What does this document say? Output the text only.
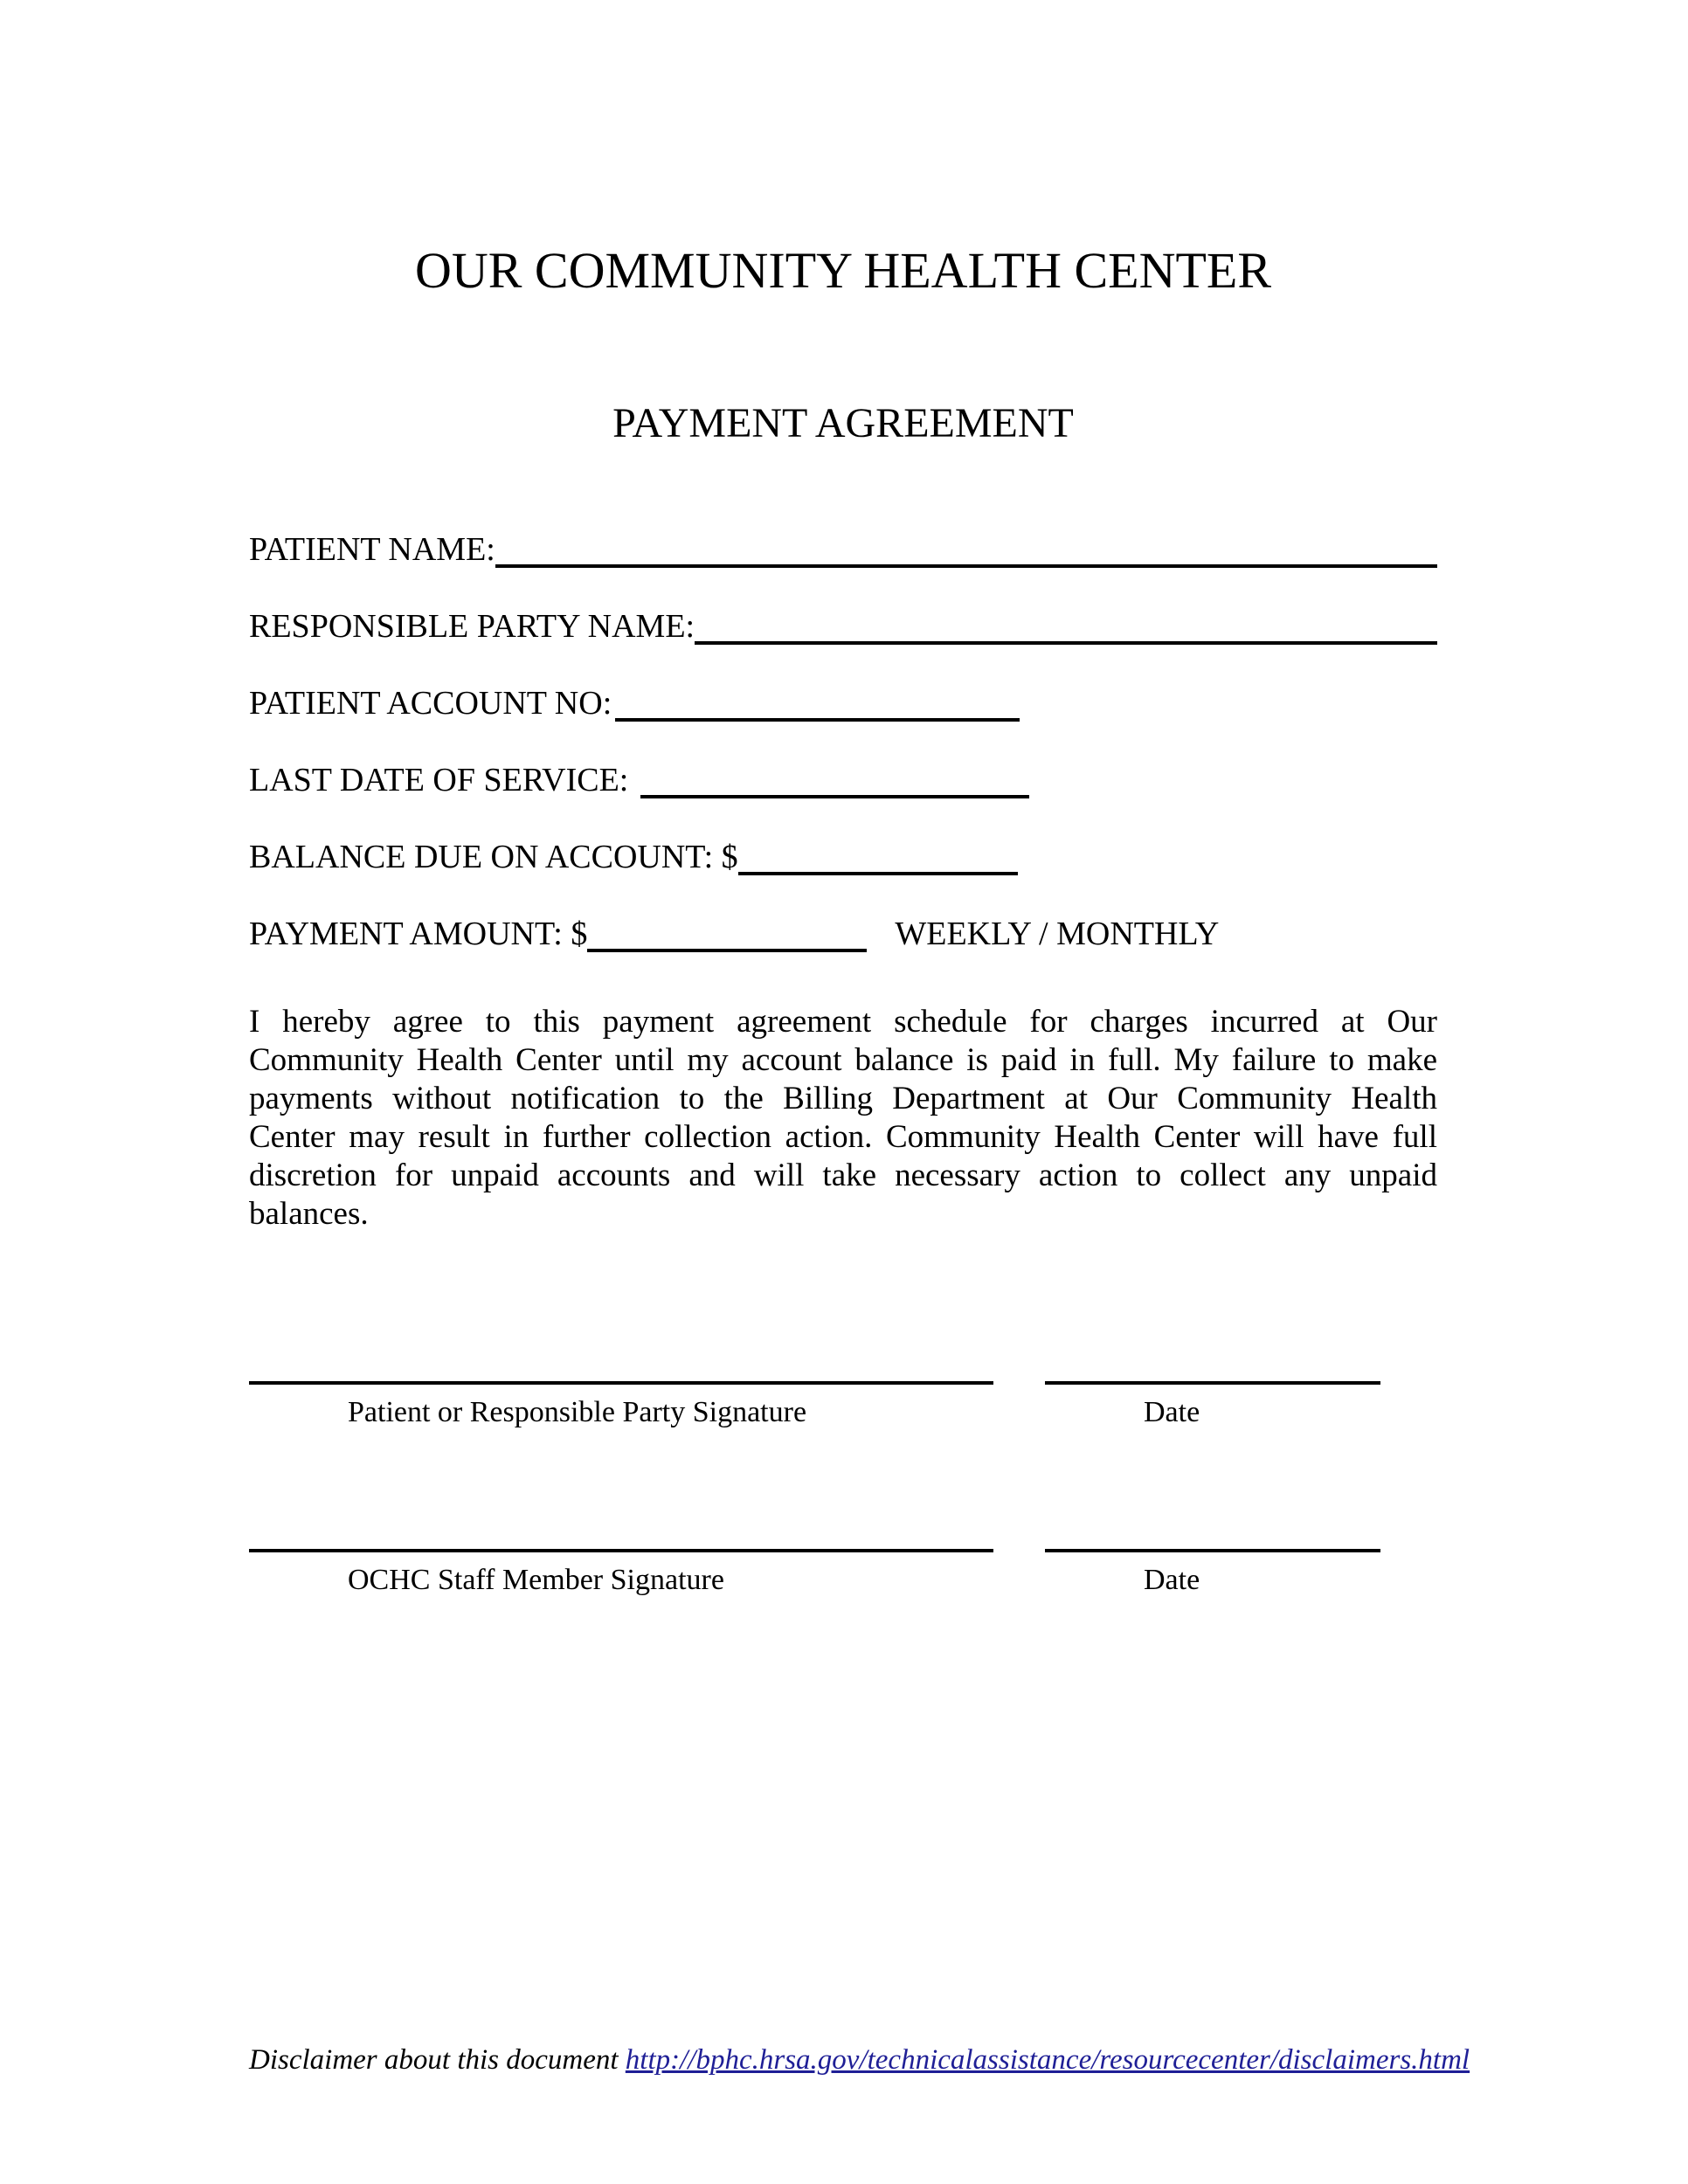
OUR COMMUNITY HEALTH CENTER
PAYMENT AGREEMENT
PATIENT NAME:
RESPONSIBLE PARTY NAME:
PATIENT ACCOUNT NO:
LAST DATE OF SERVICE:
BALANCE DUE ON ACCOUNT: $
PAYMENT AMOUNT: $	WEEKLY / MONTHLY
I hereby agree to this payment agreement schedule for charges incurred at Our
Community Health Center until my account balance is paid in full. My failure to make
payments without notification to the Billing Department at Our Community Health
Center may result in further collection action. Community Health Center will have full
discretion for unpaid accounts and will take necessary action to collect any unpaid
balances.
Patient or Responsible Party Signature	Date
OCHC Staff Member Signature	Date
Disclaimer about this document http://bphc.hrsa.gov/technicalassistance/resourcecenter/disclaimers.html
